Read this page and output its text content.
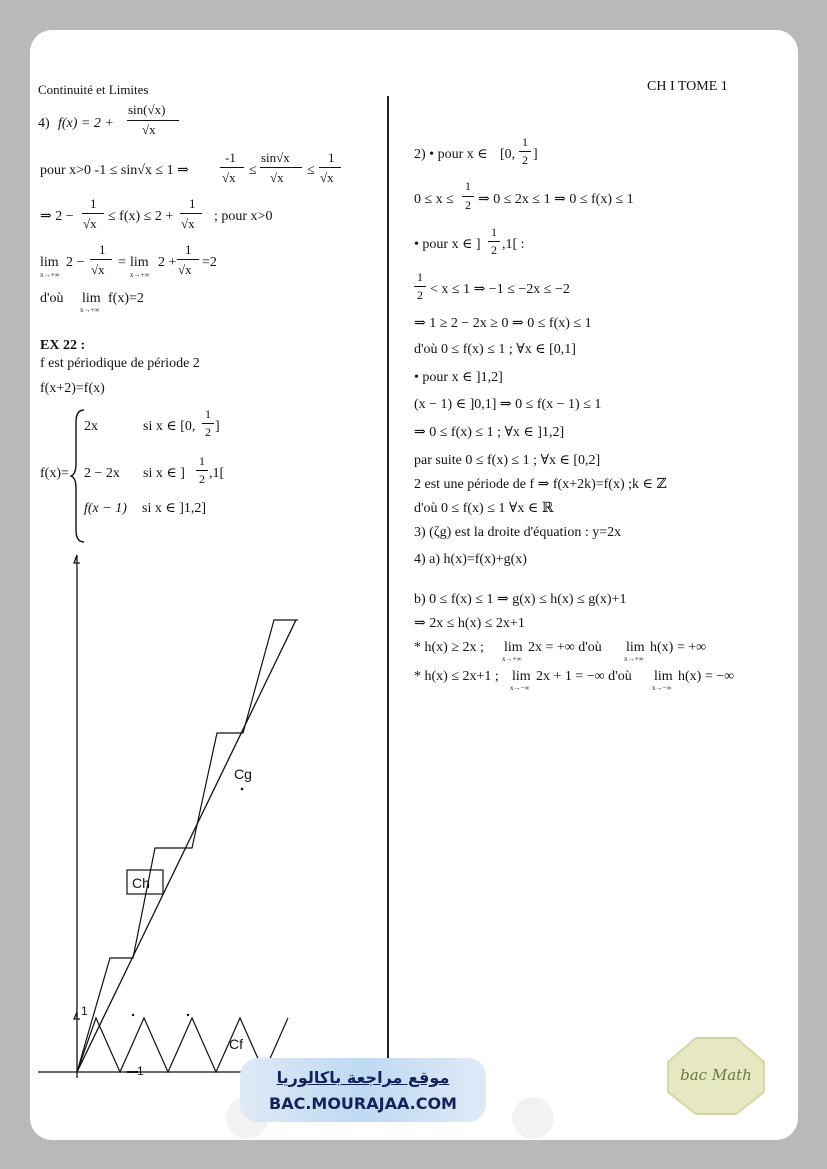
Continuité et Limites	CH I TOME 1
4) f(x) = 2 +
sin(√x)
√x
pour x>0 -1 ≤ sin√x ≤ 1 ⇒
-1
√x ≤
sin√x
√x ≤
1
√x
⇒ 2 −
1
√x ≤ f(x) ≤ 2 +
1
√x ; pour x>0
lim
x→+∞
2 −
1
√x = lim
x→+∞
2 +
1
√x =2
d'où lim
x→+∞
f(x)=2
EX 22 :
f est périodique de période 2
f(x+2)=f(x)
f(x)=
2x	si x ∈ [0,
1
2 ]
2 − 2x si x ∈ ]
1
2 ,1[
f(x − 1) si x ∈ ]1,2]
Cg
Ch
Cf
1
1
2) • pour x ∈ [0,
1
2 ]
0 ≤ x ≤
1
2 ⇒ 0 ≤ 2x ≤ 1 ⇒ 0 ≤ f(x) ≤ 1
• pour x ∈ ]
1
2 ,1[ :
1
2 < x ≤ 1 ⇒ −1 ≤ −2x ≤ −2
⇒ 1 ≥ 2 − 2x ≥ 0 ⇒ 0 ≤ f(x) ≤ 1
d'où 0 ≤ f(x) ≤ 1 ; ∀x ∈ [0,1]
• pour x ∈ ]1,2]
(x − 1) ∈ ]0,1] ⇒ 0 ≤ f(x − 1) ≤ 1
⇒ 0 ≤ f(x) ≤ 1 ; ∀x ∈ ]1,2]
par suite 0 ≤ f(x) ≤ 1 ; ∀x ∈ [0,2]
2 est une période de f ⇒ f(x+2k)=f(x) ;k ∈ ℤ
d'où 0 ≤ f(x) ≤ 1 ∀x ∈ ℝ
3) (ζg) est la droite d'équation : y=2x
4) a) h(x)=f(x)+g(x)
b) 0 ≤ f(x) ≤ 1 ⇒ g(x) ≤ h(x) ≤ g(x)+1
⇒ 2x ≤ h(x) ≤ 2x+1
* h(x) ≥ 2x ; lim
x→+∞
2x = +∞ d'où lim
x→+∞
h(x) = +∞
* h(x) ≤ 2x+1 ; lim
x→−∞
2x + 1 = −∞ d'où lim
x→−∞
h(x) = −∞
موقع مراجعة باكالوريا
BAC.MOURAJAA.COM
bac Math
